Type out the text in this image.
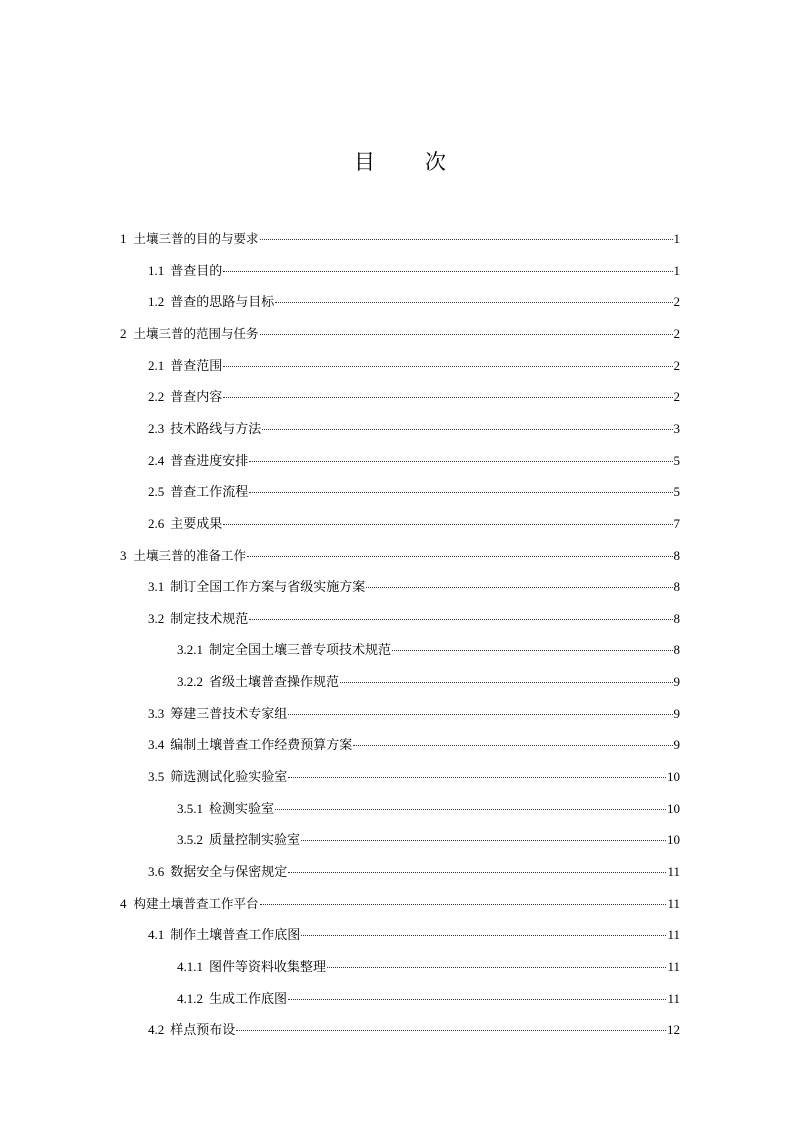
目 次
1 土壤三普的目的与要求	1
1.1 普查目的	1
1.2 普查的思路与目标	2
2 土壤三普的范围与任务	2
2.1 普查范围	2
2.2 普查内容	2
2.3 技术路线与方法	3
2.4 普查进度安排	5
2.5 普查工作流程	5
2.6 主要成果	7
3 土壤三普的准备工作	8
3.1 制订全国工作方案与省级实施方案	8
3.2 制定技术规范	8
3.2.1 制定全国土壤三普专项技术规范	8
3.2.2 省级土壤普查操作规范	9
3.3 筹建三普技术专家组	9
3.4 编制土壤普查工作经费预算方案	9
3.5 筛选测试化验实验室	10
3.5.1 检测实验室	10
3.5.2 质量控制实验室	10
3.6 数据安全与保密规定	11
4 构建土壤普查工作平台	11
4.1 制作土壤普查工作底图	11
4.1.1 图件等资料收集整理	11
4.1.2 生成工作底图	11
4.2 样点预布设	12
